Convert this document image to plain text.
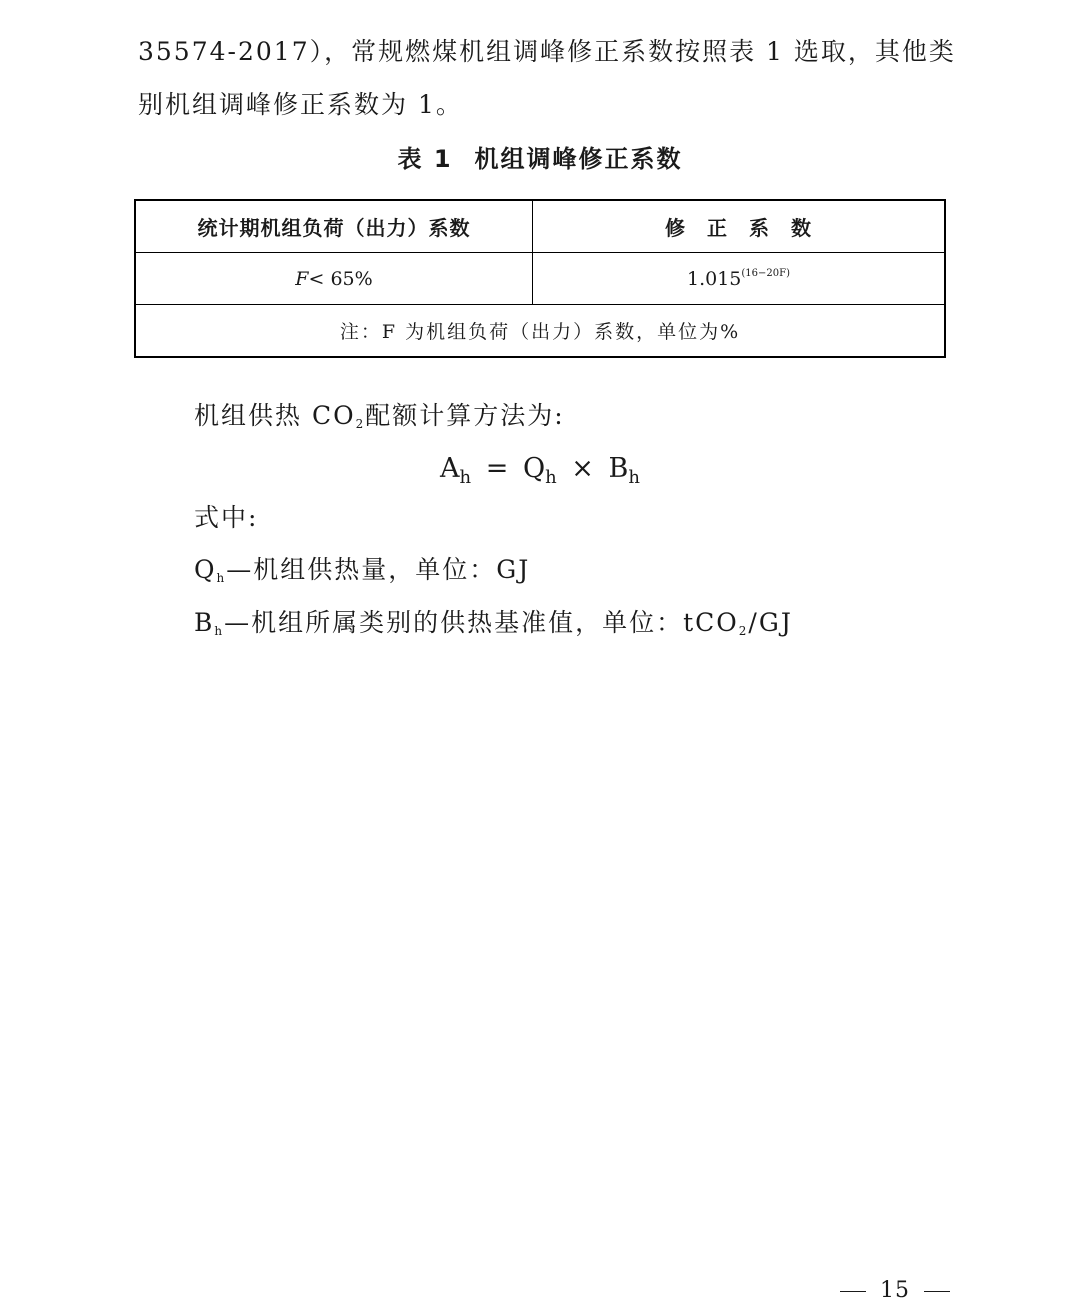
35574-2017），常规燃煤机组调峰修正系数按照表 1 选取，其他类
别机组调峰修正系数为 1。
表 1 机组调峰修正系数
统计期机组负荷（出力）系数	修　正　系　数
F< 65%	$1.015^{(16-20F)}$
注：F 为机组负荷（出力）系数，单位为%	
机组供热 CO2配额计算方法为:
$A_h = Q_h \times B_h$
式中:
Qh—机组供热量，单位：GJ
Bh—机组所属类别的供热基准值，单位：tCO2/GJ
15
